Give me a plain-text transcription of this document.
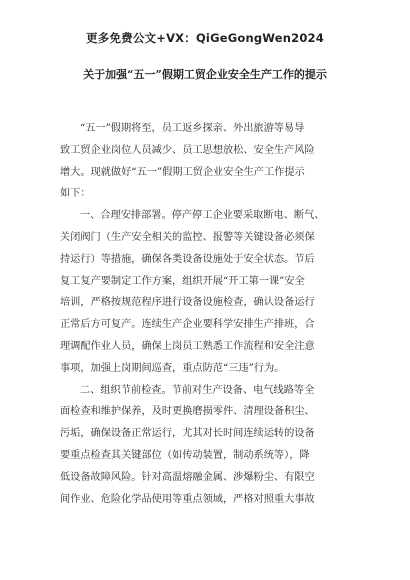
更多免费公文+VX：QiGeGongWen2024
关于加强“五一”假期工贸企业安全生产工作的提示
“五一”假期将至，员工返乡探亲、外出旅游等易导
致工贸企业岗位人员减少、员工思想放松、安全生产风险
增大。现就做好“五一”假期工贸企业安全生产工作提示
如下：
一、合理安排部署。停产停工企业要采取断电、断气、
关闭阀门（生产安全相关的监控、报警等关键设备必须保
持运行）等措施，确保各类设备设施处于安全状态。节后
复工复产要制定工作方案，组织开展“开工第一课”安全
培训，严格按规范程序进行设备设施检查，确认设备运行
正常后方可复产。连续生产企业要科学安排生产排班，合
理调配作业人员，确保上岗员工熟悉工作流程和安全注意
事项，加强上岗期间巡查，重点防范“三违”行为。
二、组织节前检查。节前对生产设备、电气线路等全
面检查和维护保养，及时更换磨损零件、清理设备积尘、
污垢，确保设备正常运行，尤其对长时间连续运转的设备
要重点检查其关键部位（如传动装置，制动系统等），降
低设备故障风险。针对高温熔融金属、涉爆粉尘、有限空
间作业、危险化学品使用等重点领域，严格对照重大事故
